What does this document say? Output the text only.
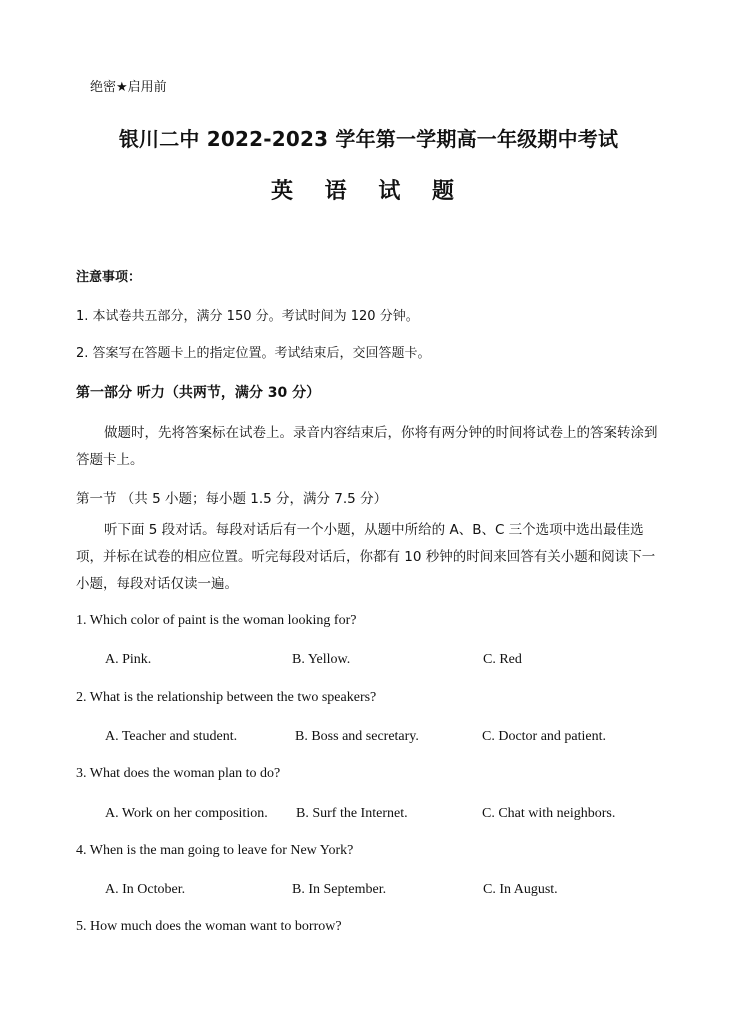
绝密★启用前
银川二中 2022-2023 学年第一学期高一年级期中考试
英 语 试 题
注意事项：
1. 本试卷共五部分，满分 150 分。考试时间为 120 分钟。
2. 答案写在答题卡上的指定位置。考试结束后，交回答题卡。
第一部分 听力（共两节，满分 30 分）
做题时，先将答案标在试卷上。录音内容结束后，你将有两分钟的时间将试卷上的答案转涂到答题卡上。
第一节 （共 5 小题；每小题 1.5 分，满分 7.5 分）
听下面 5 段对话。每段对话后有一个小题，从题中所给的 A、B、C 三个选项中选出最佳选项，并标在试卷的相应位置。听完每段对话后，你都有 10 秒钟的时间来回答有关小题和阅读下一小题，每段对话仅读一遍。
1. Which color of paint is the woman looking for?
A. Pink.	B. Yellow.	C. Red
2. What is the relationship between the two speakers?
A. Teacher and student.	B. Boss and secretary.	C. Doctor and patient.
3. What does the woman plan to do?
A. Work on her composition. B. Surf the Internet.	C. Chat with neighbors.
4. When is the man going to leave for New York?
A. In October.	B. In September.	C. In August.
5. How much does the woman want to borrow?
